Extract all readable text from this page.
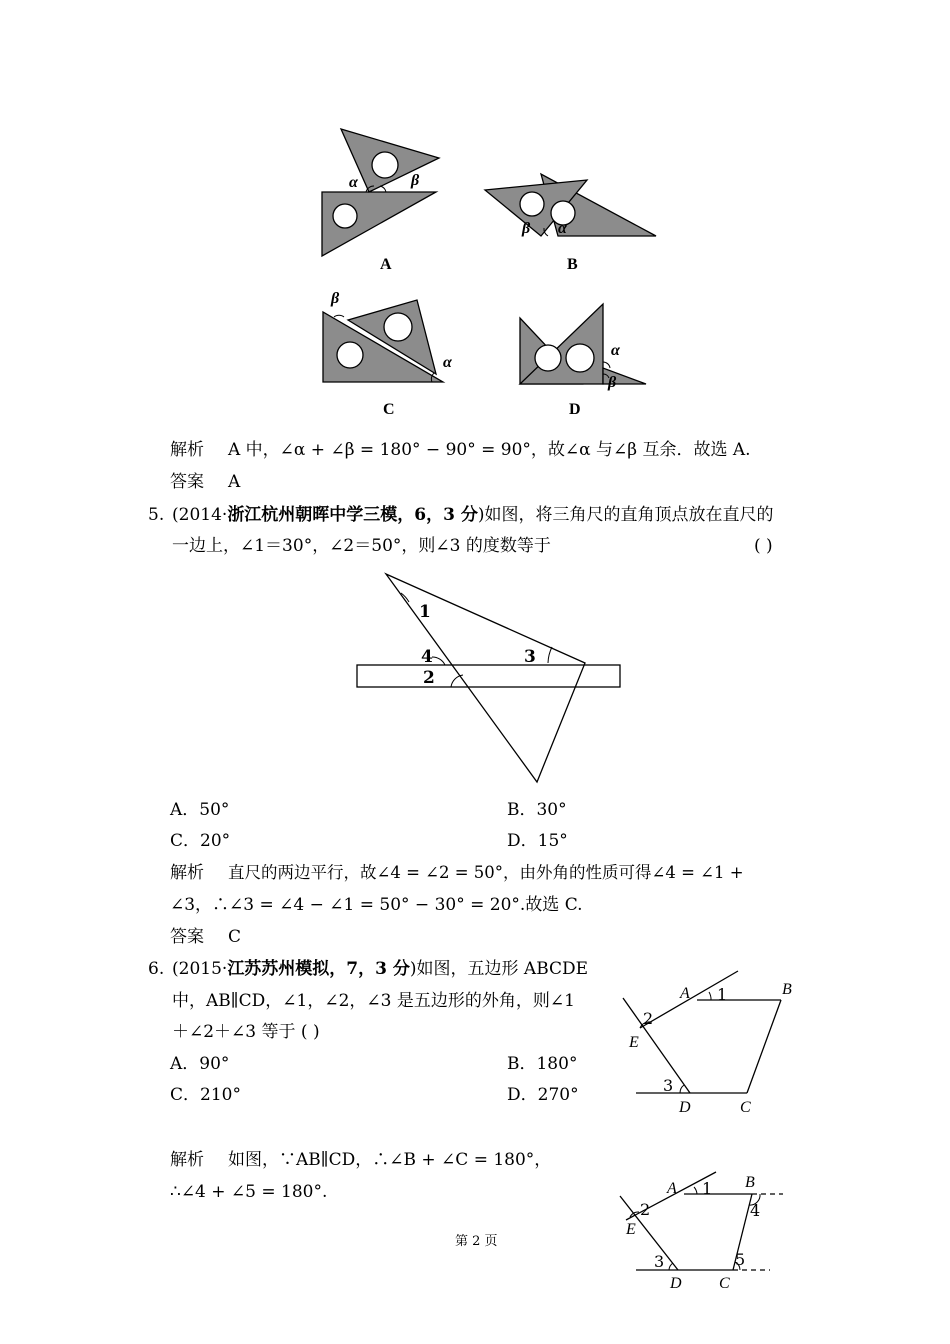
α	β
β α
β
α
α
β
A	B
C	D
解析 A 中，∠α + ∠β = 180° − 90° = 90°，故∠α 与∠β 互余．故选 A.
答案 A
5. (2014·浙江杭州朝晖中学三模，6，3 分)如图，将三角尺的直角顶点放在直尺的
一边上，∠1＝30°，∠2＝50°，则∠3 的度数等于	( )
1
4	3
2
A．50°	B．30°
C．20°	D．15°
解析 直尺的两边平行，故∠4 = ∠2 = 50°，由外角的性质可得∠4 = ∠1 +
∠3，∴∠3 = ∠4 − ∠1 = 50° − 30° = 20°.故选 C.
答案 C
6. (2015·江苏苏州模拟，7，3 分)如图，五边形 ABCDE
中，AB∥CD，∠1，∠2，∠3 是五边形的外角，则∠1
＋∠2＋∠3 等于 ( )
A．90°	B．180°
C．210°	D．270°
A 1	B
2
E
3
D	C
解析 如图，∵AB∥CD，∴∠B + ∠C = 180°，
∴∠4 + ∠5 = 180°.	A 1 B
4
2
E
3	5
D C
第 2 页
